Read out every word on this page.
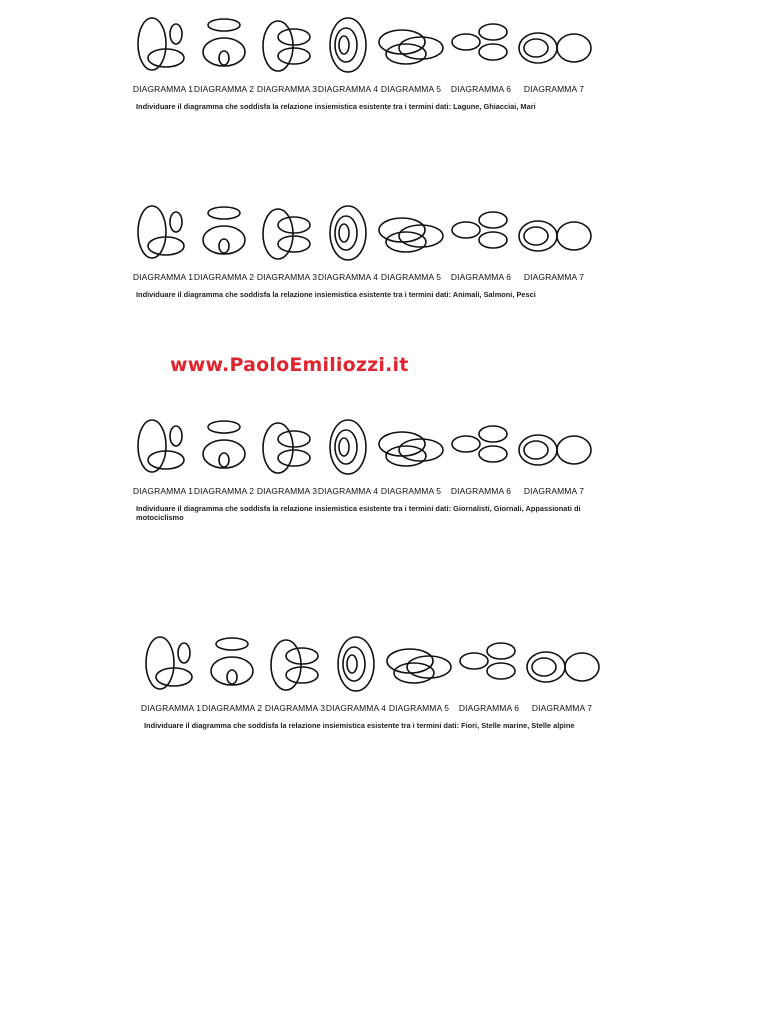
www.PaoloEmiliozzi.it
DIAGRAMMA 1 DIAGRAMMA 2 DIAGRAMMA 3 DIAGRAMMA 4 DIAGRAMMA 5 DIAGRAMMA 6 DIAGRAMMA 7
Individuare il diagramma che soddisfa la relazione insiemistica esistente tra i termini dati: Lagune, Ghiacciai, Mari
DIAGRAMMA 1 DIAGRAMMA 2 DIAGRAMMA 3 DIAGRAMMA 4 DIAGRAMMA 5 DIAGRAMMA 6 DIAGRAMMA 7
Individuare il diagramma che soddisfa la relazione insiemistica esistente tra i termini dati: Animali, Salmoni, Pesci
DIAGRAMMA 1 DIAGRAMMA 2 DIAGRAMMA 3 DIAGRAMMA 4 DIAGRAMMA 5 DIAGRAMMA 6 DIAGRAMMA 7
Individuare il diagramma che soddisfa la relazione insiemistica esistente tra i termini dati: Giornalisti, Giornali, Appassionati di motociclismo
DIAGRAMMA 1 DIAGRAMMA 2 DIAGRAMMA 3 DIAGRAMMA 4 DIAGRAMMA 5 DIAGRAMMA 6 DIAGRAMMA 7
Individuare il diagramma che soddisfa la relazione insiemistica esistente tra i termini dati: Fiori, Stelle marine, Stelle alpine
